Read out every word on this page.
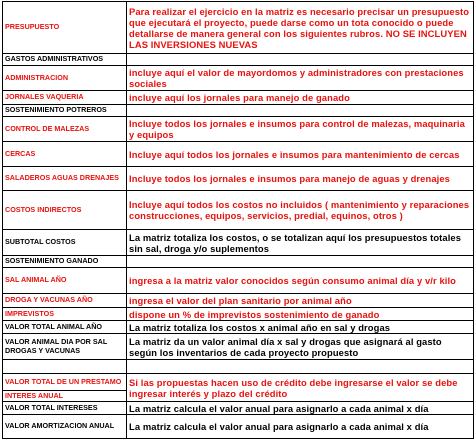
PRESUPUESTO	Para realizar el ejercicio en la matriz es necesario precisar un presupuesto que ejecutará el proyecto, puede darse como un tota conocido o puede detallarse de manera general con los siguientes rubros. NO SE INCLUYEN LAS INVERSIONES NUEVAS
GASTOS ADMINISTRATIVOS	
ADMINISTRACION	incluye aquí el valor de mayordomos y administradores con prestaciones sociales
JORNALES VAQUERIA	incluye aquí los jornales para manejo de ganado
SOSTENIMIENTO POTREROS	
CONTROL DE MALEZAS	Incluye todos los jornales e insumos para control de malezas, maquinaria y equipos
CERCAS	Incluye aquí todos los jornales e insumos para mantenimiento de cercas
SALADEROS AGUAS DRENAJES	Incluye todos los jornales e insumos para manejo de aguas y drenajes
COSTOS INDIRECTOS	Incluye aquí todos los costos no incluidos ( mantenimiento y reparaciones construcciones, equipos, servicios, predial, equinos, otros )
SUBTOTAL COSTOS	La matriz totaliza los costos, o se totalizan aquí los presupuestos totales sin sal, droga y/o suplementos
SOSTENIMIENTO GANADO	
SAL ANIMAL AÑO	ingresa a la matriz valor conocidos según consumo animal día y v/r kilo
DROGA Y VACUNAS AÑO	ingresa el valor del plan sanitario por animal año
IMPREVISTOS	dispone un % de imprevistos sostenimiento de ganado
VALOR TOTAL ANIMAL AÑO	La matriz totaliza los costos x animal año en sal y drogas
VALOR ANIMAL DIA POR SAL DROGAS Y VACUNAS	La matriz da un valor animal día x sal y drogas que asignará al gasto según los inventarios de cada proyecto propuesto

VALOR TOTAL DE UN PRESTAMO	Si las propuestas hacen uso de crédito debe ingresarse el valor se debe ingresar interés y plazo del crédito
INTERES ANUAL	
VALOR TOTAL INTERESES	La matriz calcula el valor anual para asignarlo a cada animal x día
VALOR AMORTIZACION ANUAL	La matriz calcula el valor anual para asignarlo a cada animal x día
